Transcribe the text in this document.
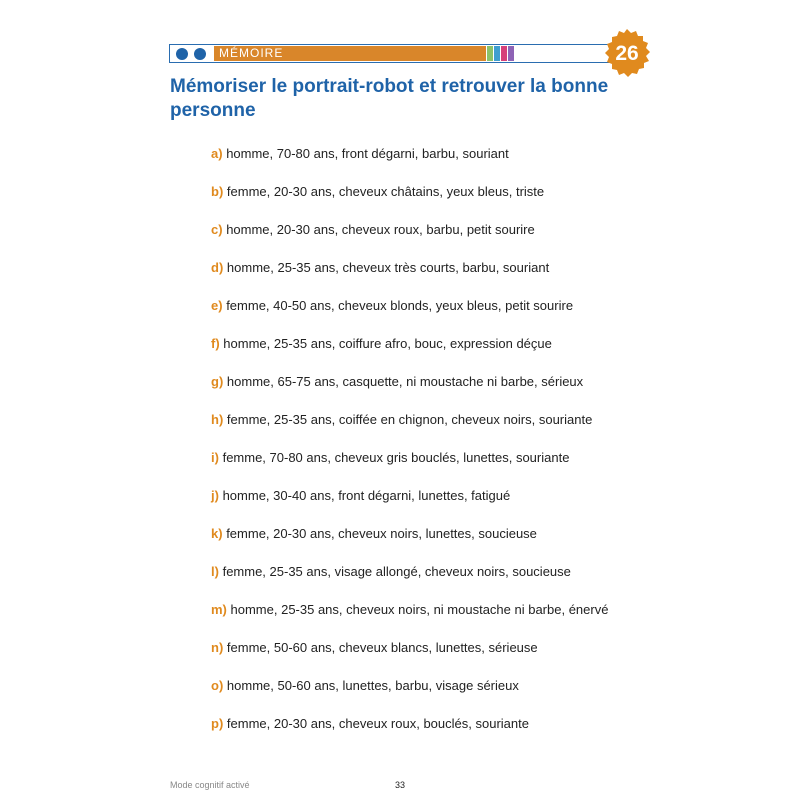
MÉMOIRE	26
Mémoriser le portrait-robot et retrouver la bonne personne
a) homme, 70-80 ans, front dégarni, barbu, souriant
b) femme, 20-30 ans, cheveux châtains, yeux bleus, triste
c) homme, 20-30 ans, cheveux roux, barbu, petit sourire
d) homme, 25-35 ans, cheveux très courts, barbu, souriant
e) femme, 40-50 ans, cheveux blonds, yeux bleus, petit sourire
f) homme, 25-35 ans, coiffure afro, bouc, expression déçue
g) homme, 65-75 ans, casquette, ni moustache ni barbe, sérieux
h) femme, 25-35 ans, coiffée en chignon, cheveux noirs, souriante
i) femme, 70-80 ans, cheveux gris bouclés, lunettes, souriante
j) homme, 30-40 ans, front dégarni, lunettes, fatigué
k) femme, 20-30 ans, cheveux noirs, lunettes, soucieuse
l) femme, 25-35 ans, visage allongé, cheveux noirs, soucieuse
m) homme, 25-35 ans, cheveux noirs, ni moustache ni barbe, énervé
n) femme, 50-60 ans, cheveux blancs, lunettes, sérieuse
o) homme, 50-60 ans, lunettes, barbu, visage sérieux
p) femme, 20-30 ans, cheveux roux, bouclés, souriante
Mode cognitif activé	33
